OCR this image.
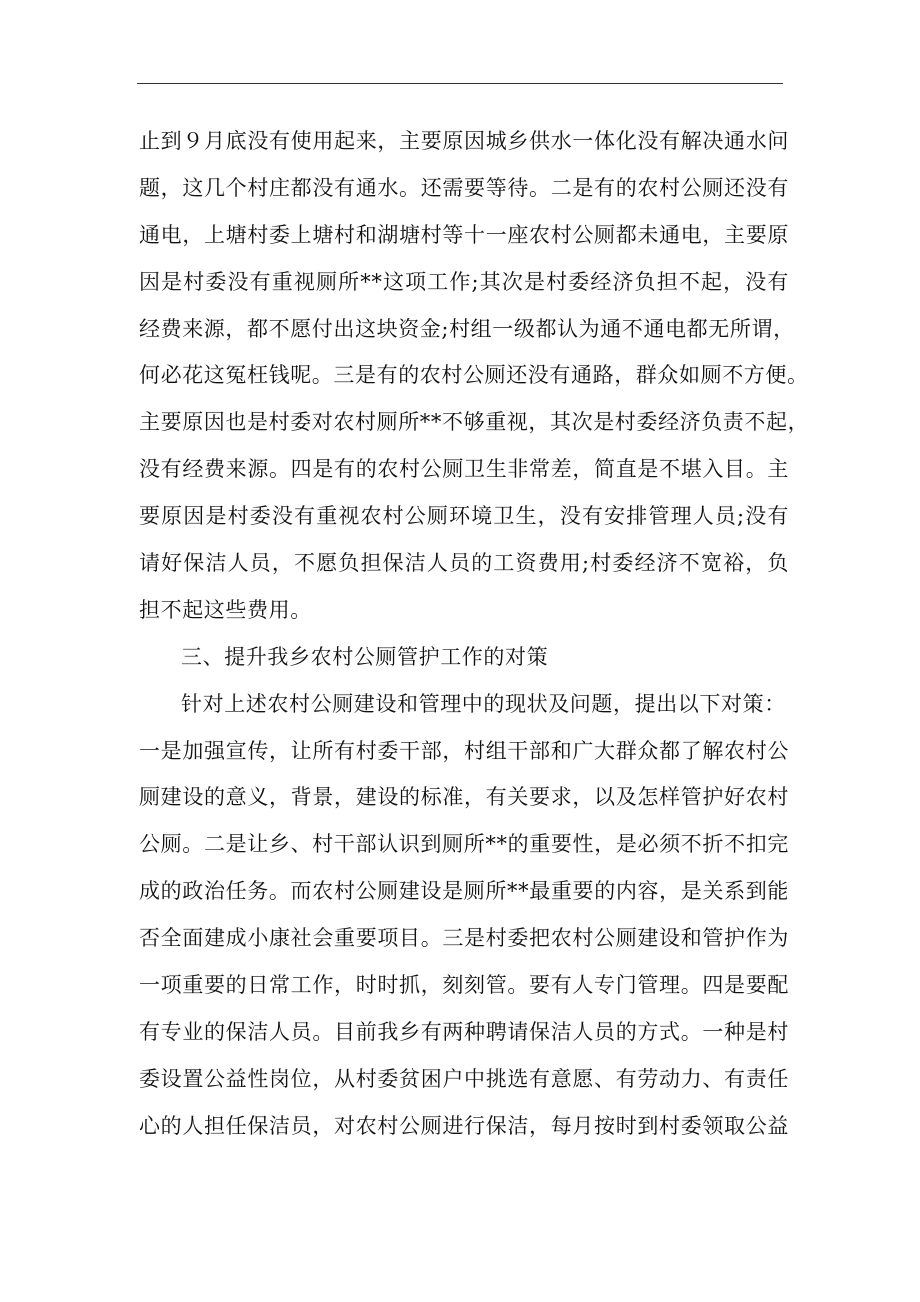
止到９月底没有使用起来，主要原因城乡供水一体化没有解决通水问
题，这几个村庄都没有通水。还需要等待。二是有的农村公厕还没有
通电，上塘村委上塘村和湖塘村等十一座农村公厕都未通电，主要原
因是村委没有重视厕所**这项工作;其次是村委经济负担不起，没有
经费来源，都不愿付出这块资金;村组一级都认为通不通电都无所谓，
何必花这冤枉钱呢。三是有的农村公厕还没有通路，群众如厕不方便。
主要原因也是村委对农村厕所**不够重视，其次是村委经济负责不起，
没有经费来源。四是有的农村公厕卫生非常差，简直是不堪入目。主
要原因是村委没有重视农村公厕环境卫生，没有安排管理人员;没有
请好保洁人员，不愿负担保洁人员的工资费用;村委经济不宽裕，负
担不起这些费用。
三、提升我乡农村公厕管护工作的对策
针对上述农村公厕建设和管理中的现状及问题，提出以下对策：
一是加强宣传，让所有村委干部，村组干部和广大群众都了解农村公
厕建设的意义，背景，建设的标准，有关要求，以及怎样管护好农村
公厕。二是让乡、村干部认识到厕所**的重要性，是必须不折不扣完
成的政治任务。而农村公厕建设是厕所**最重要的内容，是关系到能
否全面建成小康社会重要项目。三是村委把农村公厕建设和管护作为
一项重要的日常工作，时时抓，刻刻管。要有人专门管理。四是要配
有专业的保洁人员。目前我乡有两种聘请保洁人员的方式。一种是村
委设置公益性岗位，从村委贫困户中挑选有意愿、有劳动力、有责任
心的人担任保洁员，对农村公厕进行保洁，每月按时到村委领取公益
